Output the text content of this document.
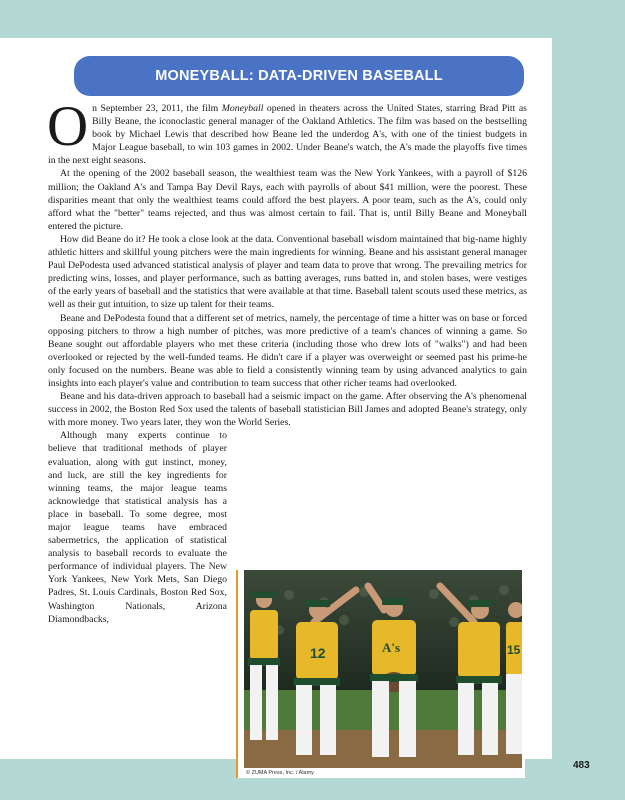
MONEYBALL: DATA-DRIVEN BASEBALL

On September 23, 2011, the film Moneyball opened in theaters across the United States, starring Brad Pitt as Billy Beane, the iconoclastic general manager of the Oakland Athletics. The film was based on the bestselling book by Michael Lewis that described how Beane led the underdog A's, with one of the tiniest budgets in Major League baseball, to win 103 games in 2002. Under Beane's watch, the A's made the playoffs five times in the next eight seasons.

At the opening of the 2002 baseball season, the wealthiest team was the New York Yankees, with a payroll of $126 million; the Oakland A's and Tampa Bay Devil Rays, each with payrolls of about $41 million, were the poorest. These disparities meant that only the wealthiest teams could afford the best players. A poor team, such as the A's, could only afford what the "better" teams rejected, and thus was almost certain to fail. That is, until Billy Beane and Moneyball entered the picture.

How did Beane do it? He took a close look at the data. Conventional baseball wisdom maintained that big-name highly athletic hitters and skillful young pitchers were the main ingredients for winning. Beane and his assistant general manager Paul DePodesta used advanced statistical analysis of player and team data to prove that wrong. The prevailing metrics for predicting wins, losses, and player performance, such as batting averages, runs batted in, and stolen bases, were vestiges of the early years of baseball and the statistics that were available at that time. Baseball talent scouts used these metrics, as well as their gut intuition, to size up talent for their teams.

Beane and DePodesta found that a different set of metrics, namely, the percentage of time a hitter was on base or forced opposing pitchers to throw a high number of pitches, was more predictive of a team's chances of winning a game. So Beane sought out affordable players who met these criteria (including those who drew lots of "walks") and had been overlooked or rejected by the well-funded teams. He didn't care if a player was overweight or seemed past his prime-he only focused on the numbers. Beane was able to field a consistently winning team by using advanced analytics to gain insights into each player's value and contribution to team success that other richer teams had overlooked.

Beane and his data-driven approach to baseball had a seismic impact on the game. After observing the A's phenomenal success in 2002, the Boston Red Sox used the talents of baseball statistician Bill James and adopted Beane's strategy, only with more money. Two years later, they won the World Series.

Although many experts continue to believe that traditional methods of player evaluation, along with gut instinct, money, and luck, are still the key ingredients for winning teams, the major league teams acknowledge that statistical analysis has a place in baseball. To some degree, most major league teams have embraced sabermetrics, the application of statistical analysis to baseball records to evaluate the performance of individual players. The New York Yankees, New York Mets, San Diego Padres, St. Louis Cardinals, Boston Red Sox, Washington Nationals, Arizona Diamondbacks,

12	A's	15
© ZUMA Press, Inc. / Alamy
483
